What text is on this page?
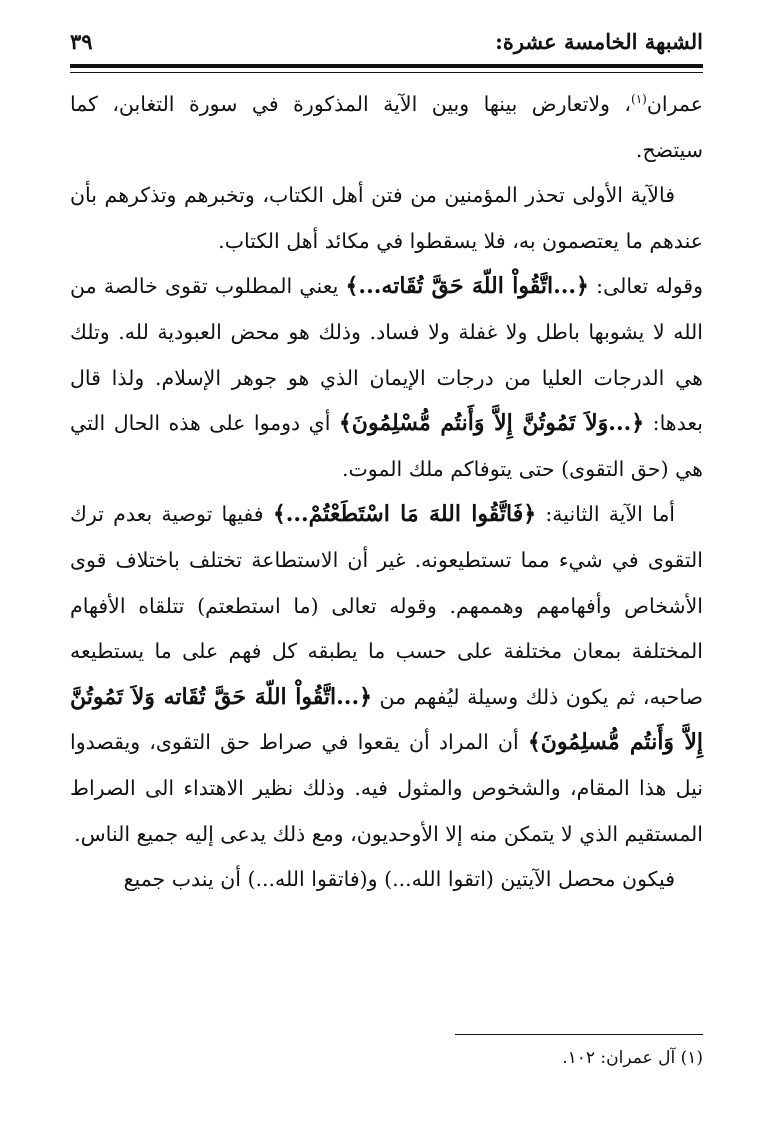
الشبهة الخامسة عشرة:
٣٩

عمران$^{(١)}$، ولاتعارض بينها وبين الآية المذكورة في سورة التغابن، كما سيتضح.

فالآية الأولى تحذر المؤمنين من فتن أهل الكتاب، وتخبرهم وتذكرهم بأن عندهم ما يعتصمون به، فلا يسقطوا في مكائد أهل الكتاب.

وقوله تعالى: ﴿...اتَّقُواْ اللّهَ حَقَّ تُقَاته...﴾ يعني المطلوب تقوى خالصة من الله لا يشوبها باطل ولا غفلة ولا فساد. وذلك هو محض العبودية لله. وتلك هي الدرجات العليا من درجات الإيمان الذي هو جوهر الإسلام. ولذا قال بعدها: ﴿...وَلاَ تَمُوتُنَّ إِلاَّ وَأَنتُم مُّسْلِمُونَ﴾ أي دوموا على هذه الحال التي هي (حق التقوى) حتى يتوفاكم ملك الموت.

أما الآية الثانية: ﴿فَاتَّقُوا اللهَ مَا اسْتَطَعْتُمْ...﴾ ففيها توصية بعدم ترك التقوى في شيء مما تستطيعونه. غير أن الاستطاعة تختلف باختلاف قوى الأشخاص وأفهامهم وهممهم. وقوله تعالى (ما استطعتم) تتلقاه الأفهام المختلفة بمعان مختلفة على حسب ما يطبقه كل فهم على ما يستطيعه صاحبه، ثم يكون ذلك وسيلة ليُفهم من ﴿...اتَّقُواْ اللّهَ حَقَّ تُقَاته وَلاَ تَمُوتُنَّ إِلاَّ وَأَنتُم مُّسلِمُونَ﴾ أن المراد أن يقعوا في صراط حق التقوى، ويقصدوا نيل هذا المقام، والشخوص والمثول فيه. وذلك نظير الاهتداء الى الصراط المستقيم الذي لا يتمكن منه إلا الأوحديون، ومع ذلك يدعى إليه جميع الناس.

فيكون محصل الآيتين (اتقوا الله...) و(فاتقوا الله...) أن يندب جميع

(١) آل عمران: ١٠٢.
